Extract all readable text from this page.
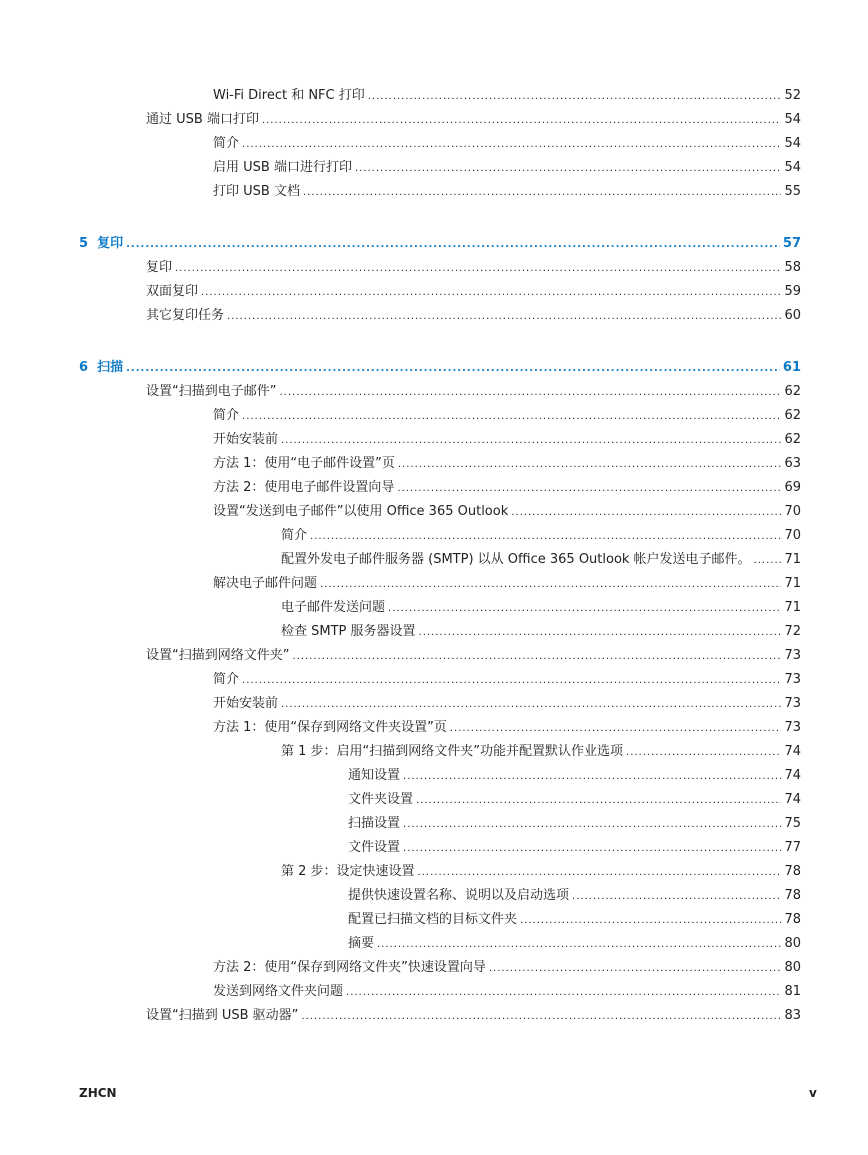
Wi-Fi Direct 和 NFC 打印 .....	52
通过 USB 端口打印 .....	54
简介 .....	54
启用 USB 端口进行打印 .....	54
打印 USB 文档 .....	55
5 复印 .....	57
复印 .....	58
双面复印 .....	59
其它复印任务 .....	60
6 扫描 .....	61
设置“扫描到电子邮件” .....	62
简介 .....	62
开始安装前 .....	62
方法 1：使用“电子邮件设置”页 .....	63
方法 2：使用电子邮件设置向导 .....	69
设置“发送到电子邮件”以使用 Office 365 Outlook .....	70
简介 .....	70
配置外发电子邮件服务器 (SMTP) 以从 Office 365 Outlook 帐户发送电子邮件。 .....	71
解决电子邮件问题 .....	71
电子邮件发送问题 .....	71
检查 SMTP 服务器设置 .....	72
设置“扫描到网络文件夹” .....	73
简介 .....	73
开始安装前 .....	73
方法 1：使用“保存到网络文件夹设置”页 .....	73
第 1 步：启用“扫描到网络文件夹”功能并配置默认作业选项 .....	74
通知设置 .....	74
文件夹设置 .....	74
扫描设置 .....	75
文件设置 .....	77
第 2 步：设定快速设置 .....	78
提供快速设置名称、说明以及启动选项 .....	78
配置已扫描文档的目标文件夹 .....	78
摘要 .....	80
方法 2：使用“保存到网络文件夹”快速设置向导 .....	80
发送到网络文件夹问题 .....	81
设置“扫描到 USB 驱动器” .....	83
ZHCN	v
